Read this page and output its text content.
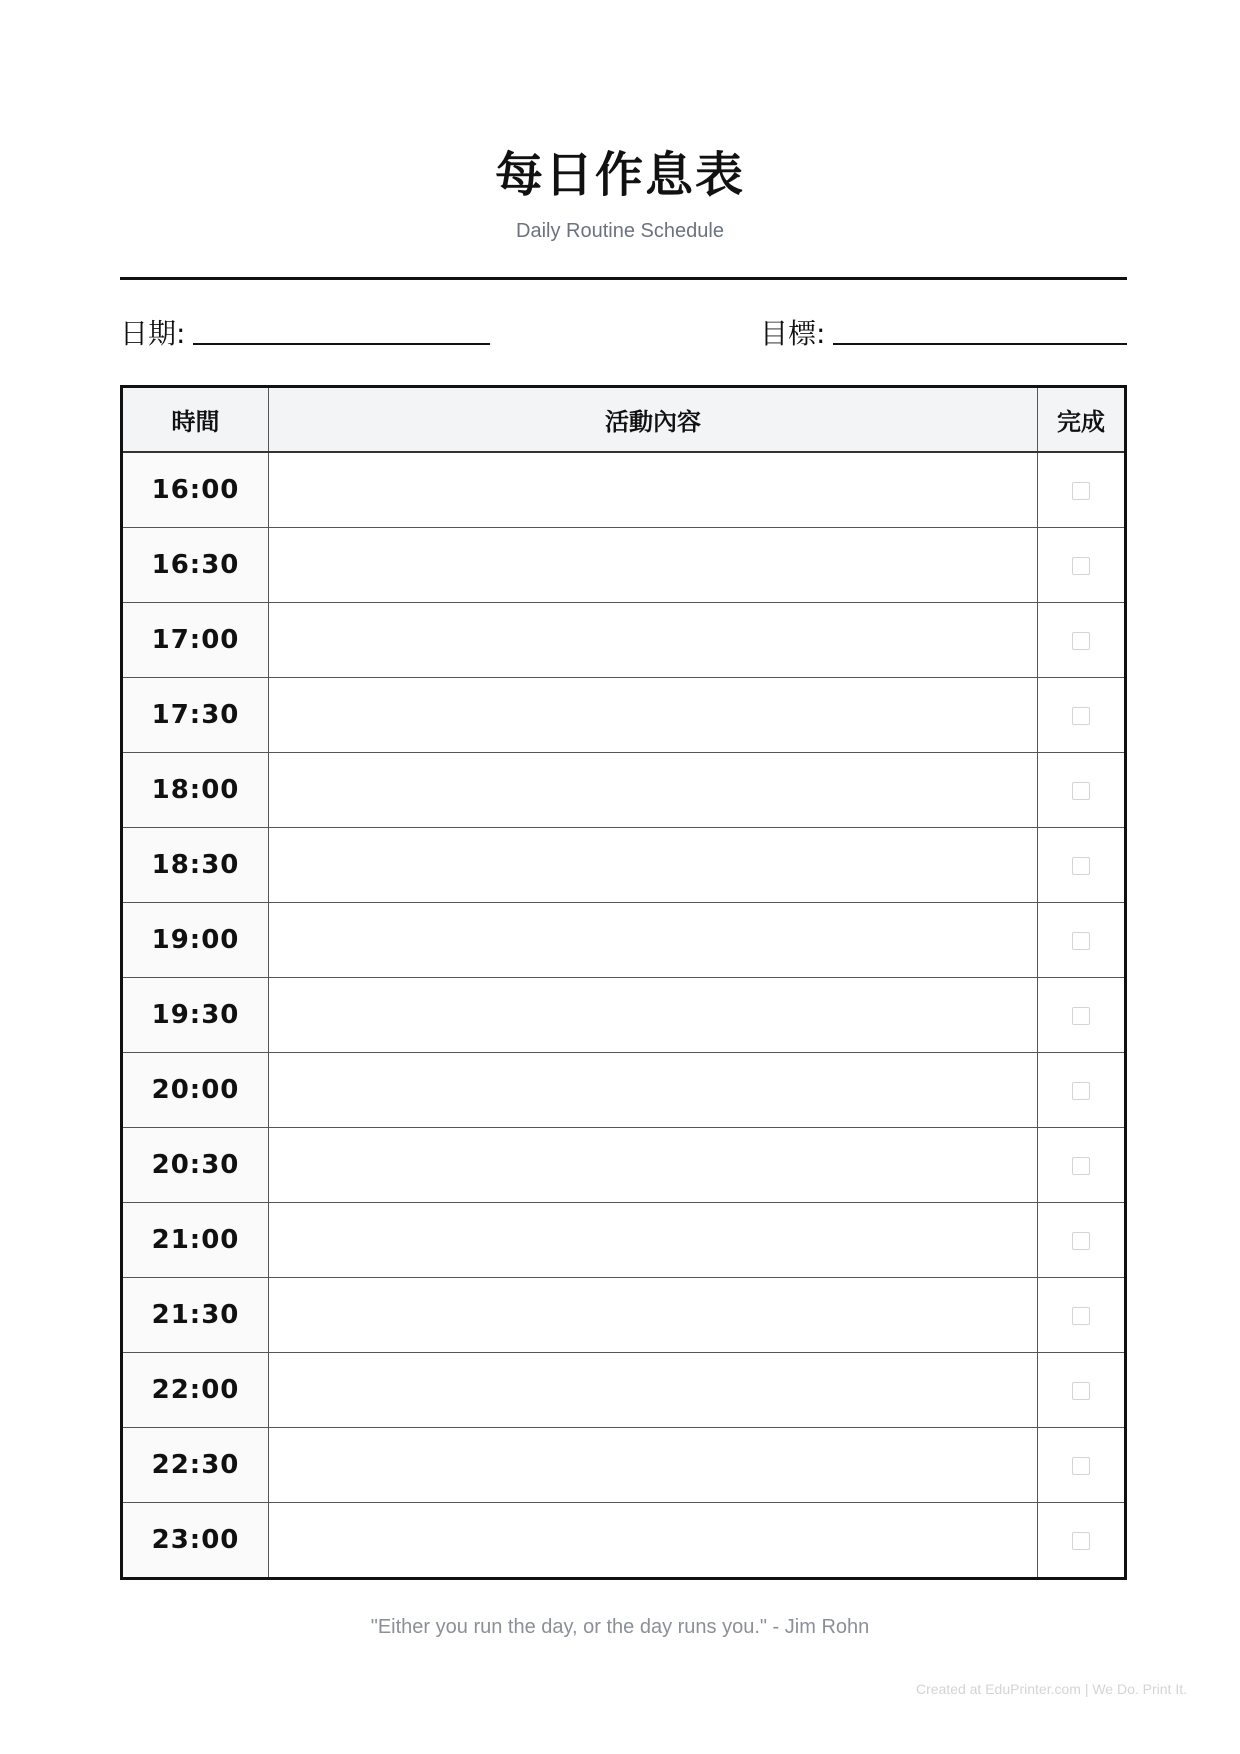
每日作息表
Daily Routine Schedule
日期:	目標:
時間	活動內容	完成
16:00		
16:30		
17:00		
17:30		
18:00		
18:30		
19:00		
19:30		
20:00		
20:30		
21:00		
21:30		
22:00		
22:30		
23:00		
"Either you run the day, or the day runs you." - Jim Rohn
Created at EduPrinter.com | We Do. Print It.
